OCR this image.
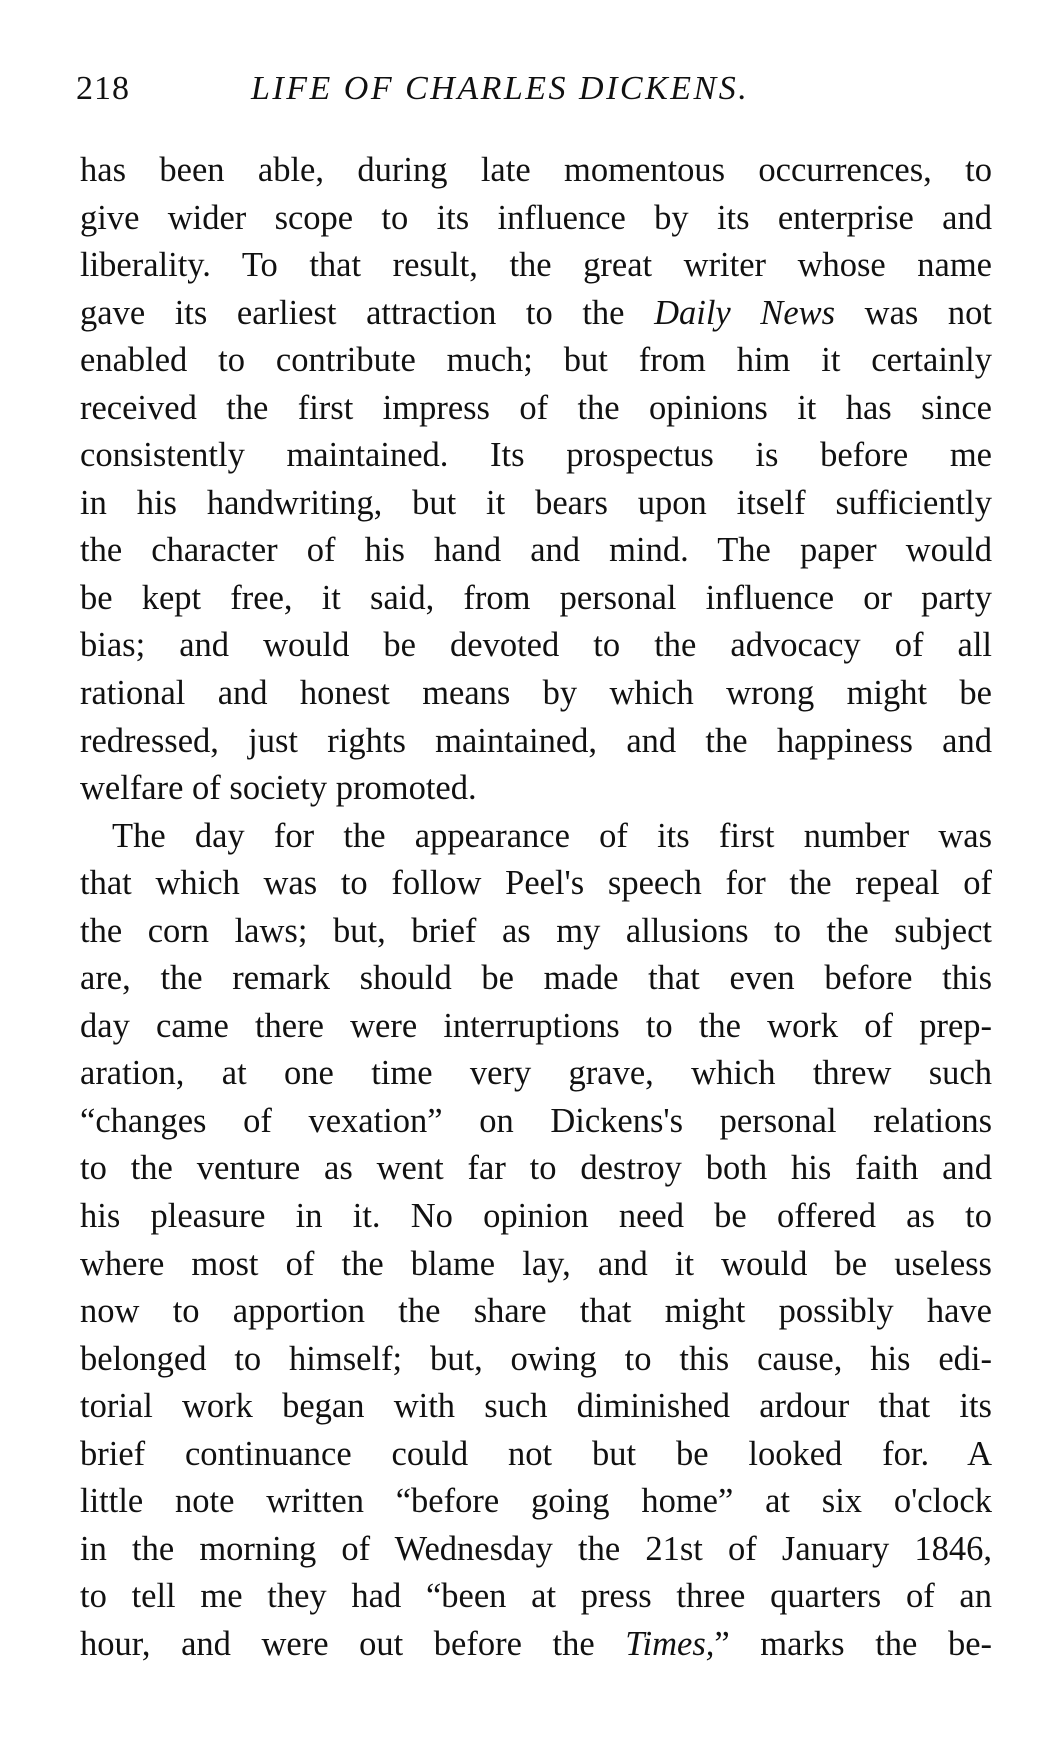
218	LIFE OF CHARLES DICKENS.
has been able, during late momentous occurrences, to
give wider scope to its influence by its enterprise and
liberality. To that result, the great writer whose name
gave its earliest attraction to the Daily News was not
enabled to contribute much; but from him it certainly
received the first impress of the opinions it has since
consistently maintained. Its prospectus is before me
in his handwriting, but it bears upon itself sufficiently
the character of his hand and mind. The paper would
be kept free, it said, from personal influence or party
bias; and would be devoted to the advocacy of all
rational and honest means by which wrong might be
redressed, just rights maintained, and the happiness and
welfare of society promoted.
The day for the appearance of its first number was
that which was to follow Peel's speech for the repeal of
the corn laws; but, brief as my allusions to the subject
are, the remark should be made that even before this
day came there were interruptions to the work of prep-
aration, at one time very grave, which threw such
“changes of vexation” on Dickens's personal relations
to the venture as went far to destroy both his faith and
his pleasure in it. No opinion need be offered as to
where most of the blame lay, and it would be useless
now to apportion the share that might possibly have
belonged to himself; but, owing to this cause, his edi-
torial work began with such diminished ardour that its
brief continuance could not but be looked for. A
little note written “before going home” at six o'clock
in the morning of Wednesday the 21st of January 1846,
to tell me they had “been at press three quarters of an
hour, and were out before the Times,” marks the be-
